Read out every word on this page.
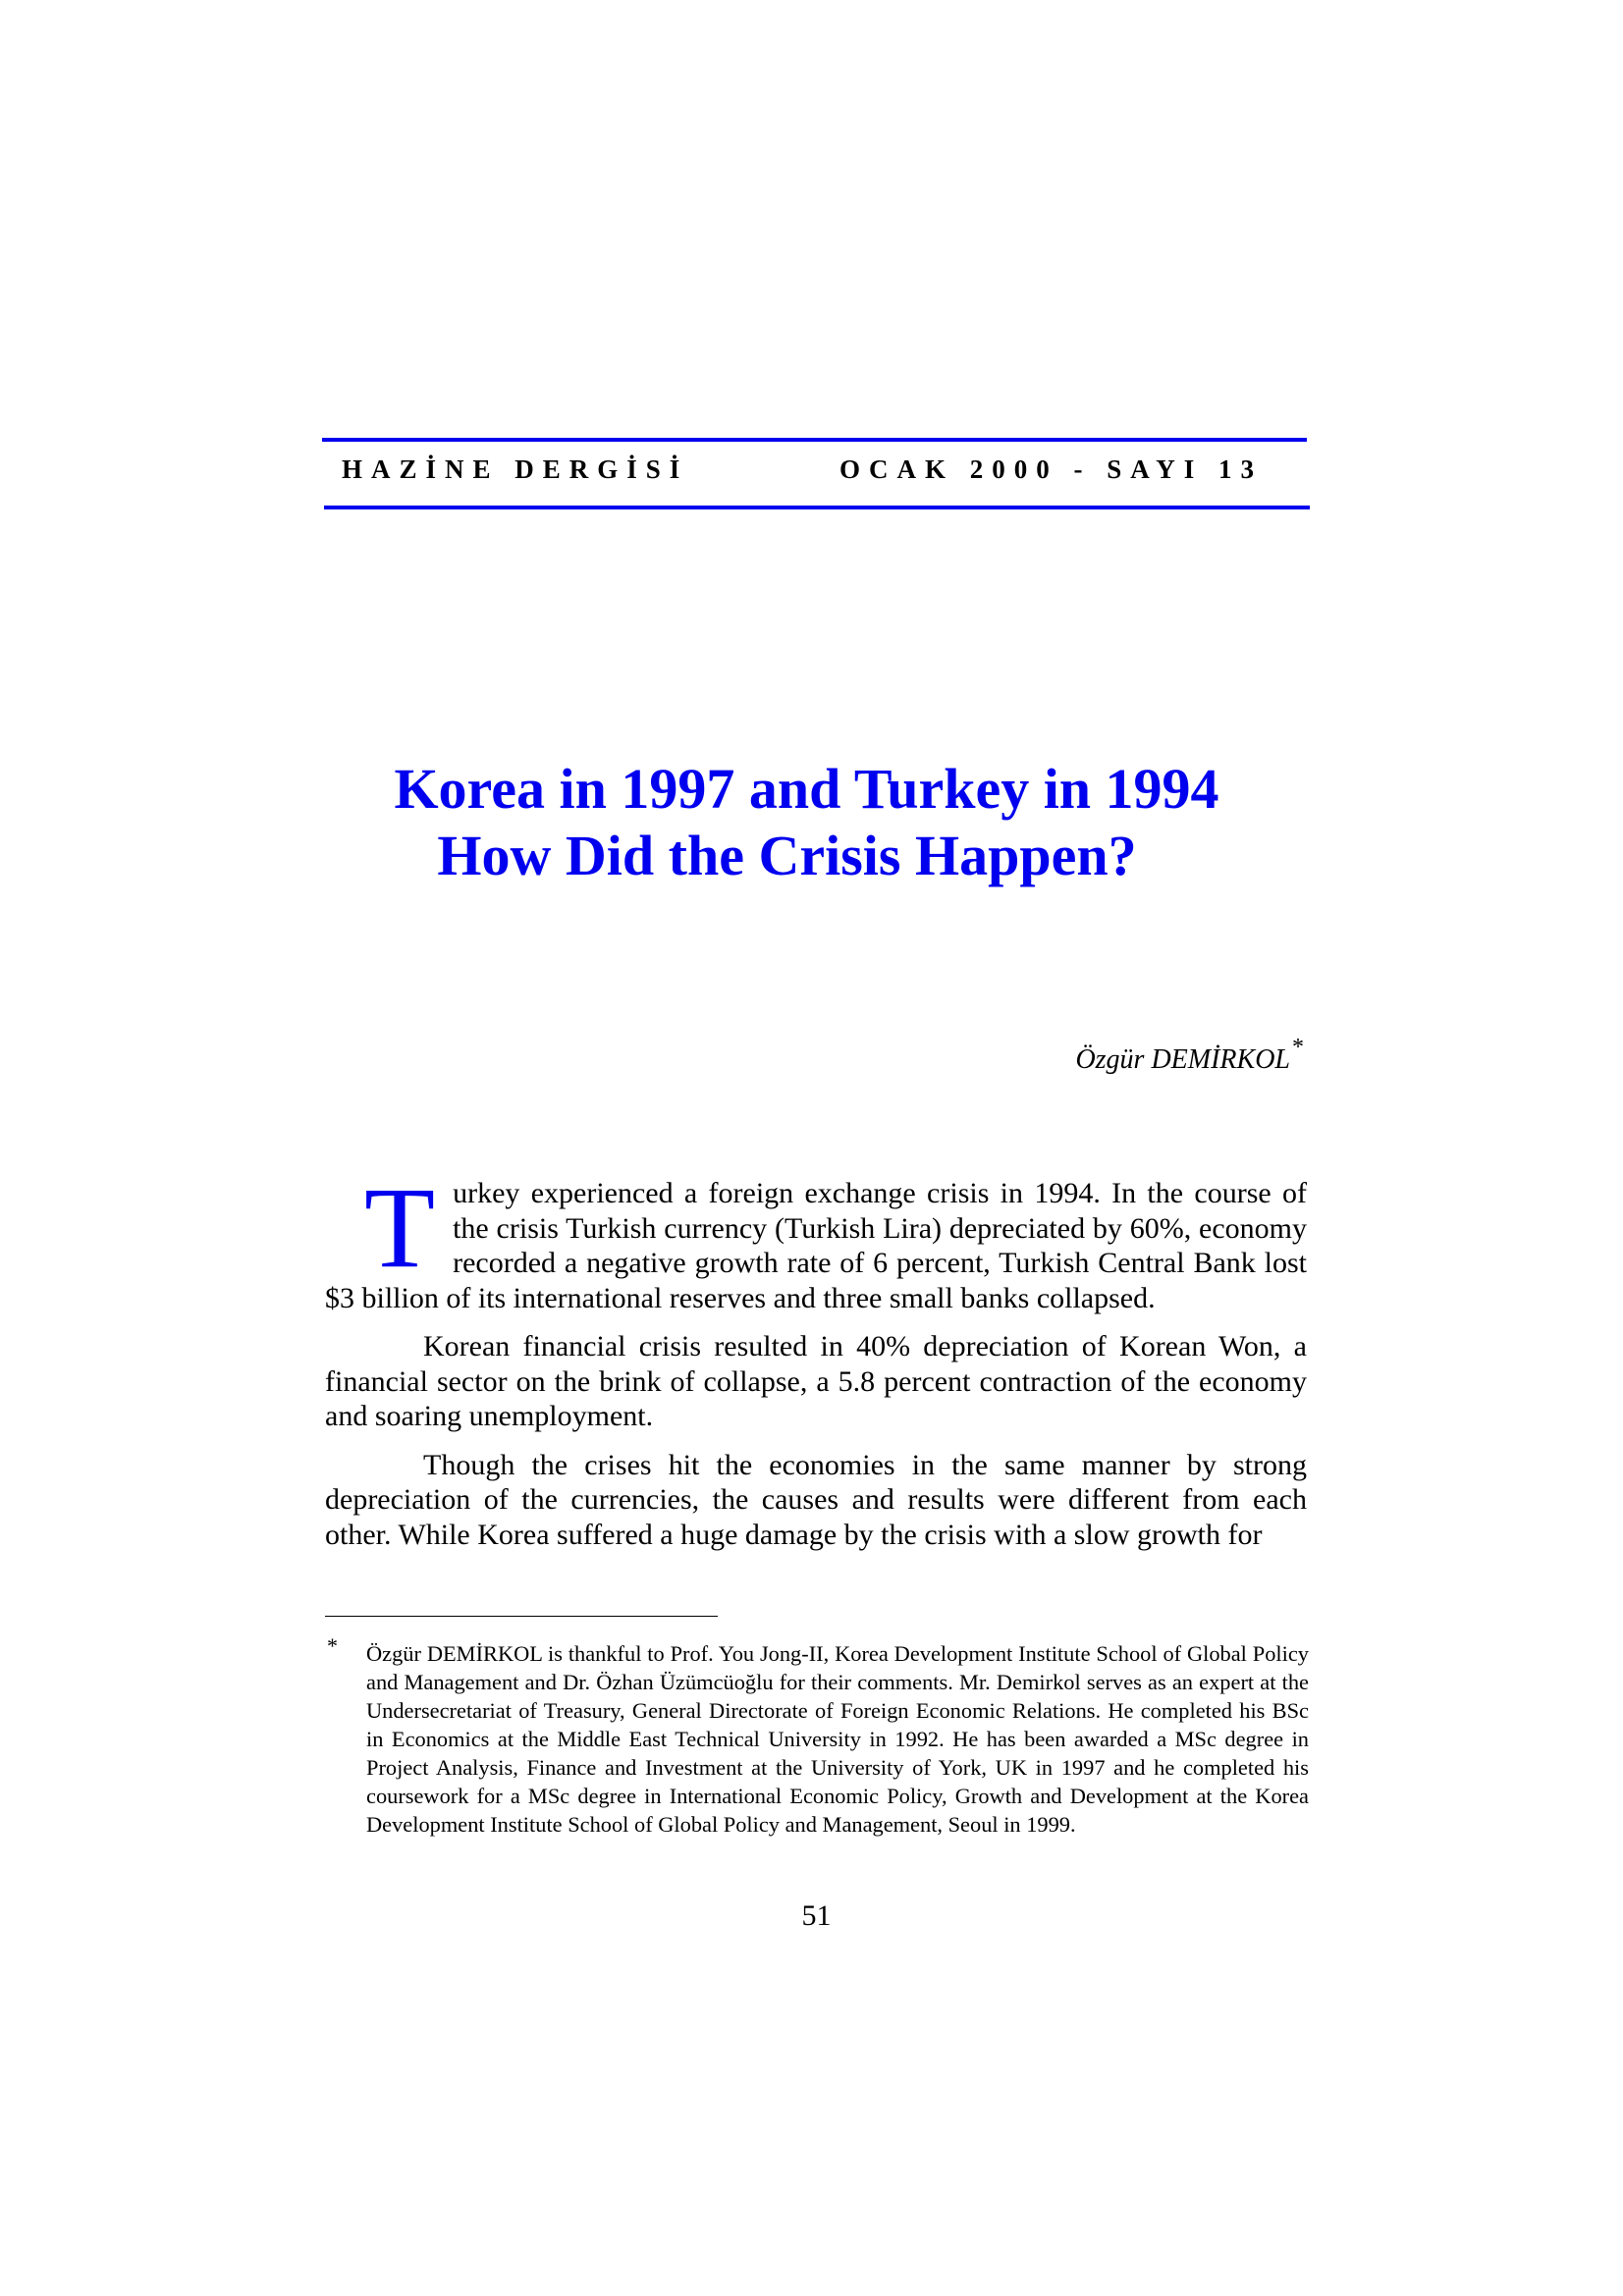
HAZİNE DERGİSİ	OCAK 2000 - SAYI 13
Korea in 1997 and Turkey in 1994
How Did the Crisis Happen?
Özgür DEMİRKOL*

Turkey experienced a foreign exchange crisis in 1994. In the course of the crisis Turkish currency (Turkish Lira) depreciated by 60%, economy recorded a negative growth rate of 6 percent, Turkish Central Bank lost $3 billion of its international reserves and three small banks collapsed.

Korean financial crisis resulted in 40% depreciation of Korean Won, a financial sector on the brink of collapse, a 5.8 percent contraction of the economy and soaring unemployment.

Though the crises hit the economies in the same manner by strong depreciation of the currencies, the causes and results were different from each other. While Korea suffered a huge damage by the crisis with a slow growth for

* Özgür DEMİRKOL is thankful to Prof. You Jong-II, Korea Development Institute School of Global Policy and Management and Dr. Özhan Üzümcüoğlu for their comments. Mr. Demirkol serves as an expert at the Undersecretariat of Treasury, General Directorate of Foreign Economic Relations. He completed his BSc in Economics at the Middle East Technical University in 1992. He has been awarded a MSc degree in Project Analysis, Finance and Investment at the University of York, UK in 1997 and he completed his coursework for a MSc degree in International Economic Policy, Growth and Development at the Korea Development Institute School of Global Policy and Management, Seoul in 1999.
51
